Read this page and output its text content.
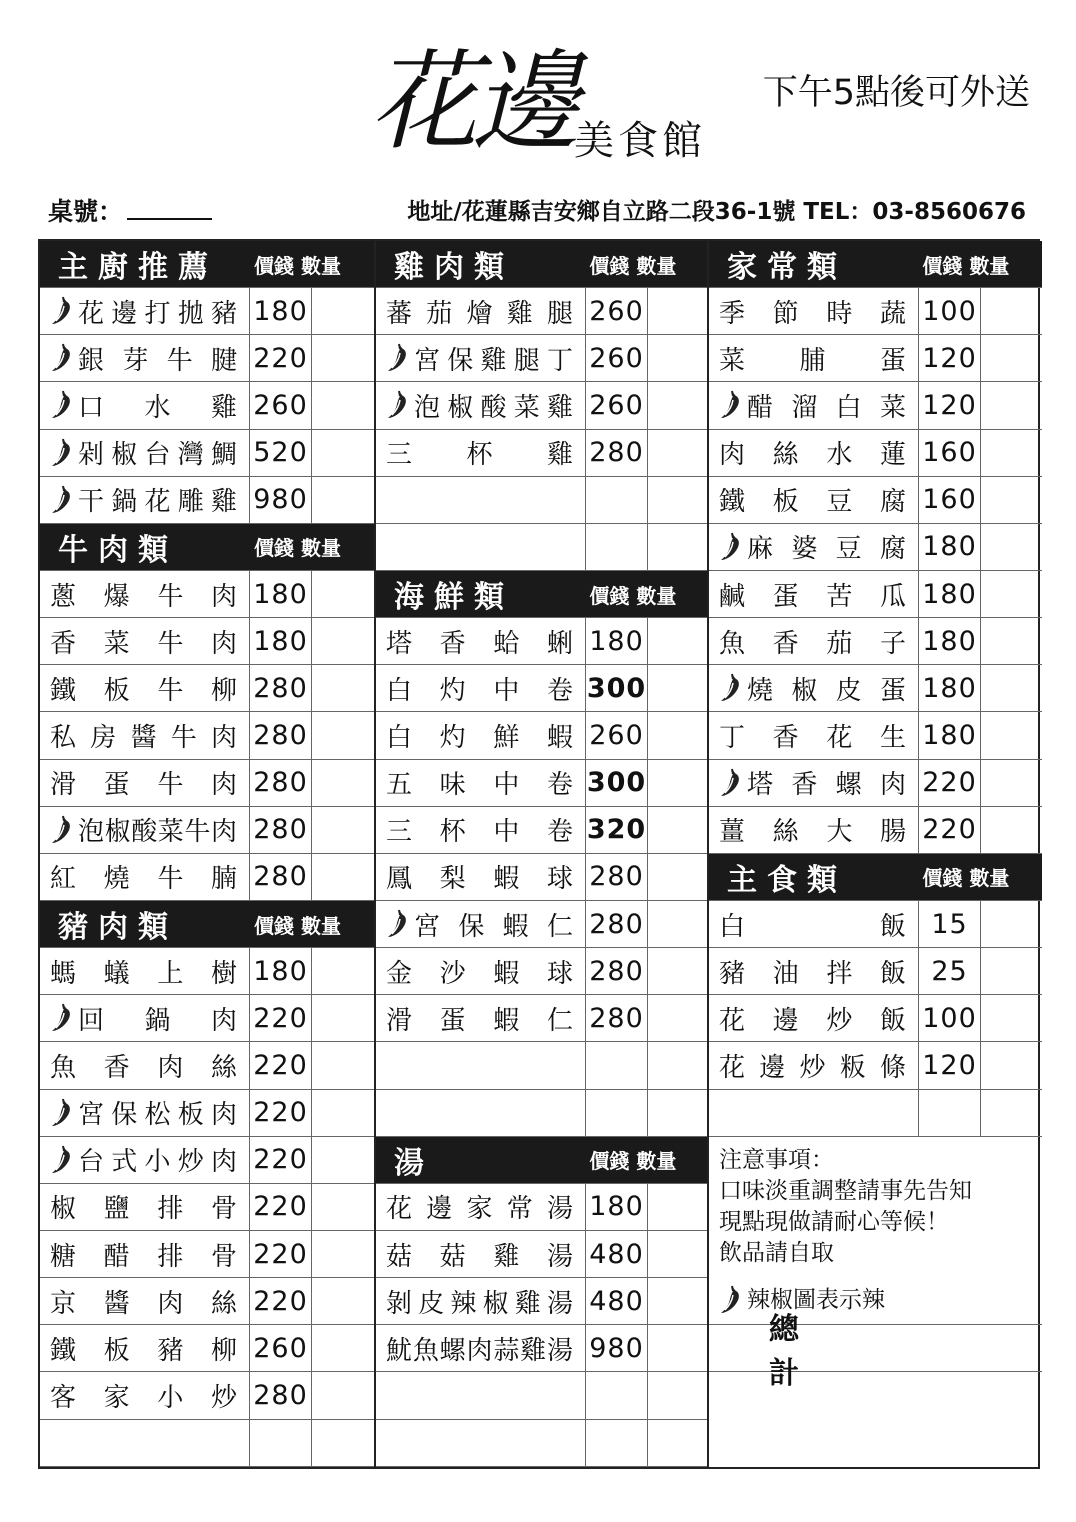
花邊 美食館
下午5點後可外送
桌號：	地址/花蓮縣吉安鄉自立路二段36-1號 TEL：03-8560676
主廚推薦	價錢 數量
花 邊 打 拋 豬 180
銀 芽 牛 腱 220
口 水 雞 260
剁 椒 台 灣 鯛 520
干 鍋 花 雕 雞 980
牛肉類	價錢 數量
蔥 爆 牛 肉 180
香 菜 牛 肉 180
鐵 板 牛 柳 280
私 房 醬 牛 肉 280
滑 蛋 牛 肉 280
泡 椒 酸 菜 牛 肉 280
紅 燒 牛 腩 280
豬肉類	價錢 數量
螞 蟻 上 樹 180
回 鍋 肉 220
魚 香 肉 絲 220
宮 保 松 板 肉 220
台 式 小 炒 肉 220
椒 鹽 排 骨 220
糖 醋 排 骨 220
京 醬 肉 絲 220
鐵 板 豬 柳 260
客 家 小 炒 280
雞肉類	價錢 數量
蕃 茄 燴 雞 腿 260
宮 保 雞 腿 丁 260
泡 椒 酸 菜 雞 260
三 杯 雞 280
海鮮類	價錢 數量
塔 香 蛤 蜊 180
白 灼 中 卷 300
白 灼 鮮 蝦 260
五 味 中 卷 300
三 杯 中 卷 320
鳳 梨 蝦 球 280
宮 保 蝦 仁 280
金 沙 蝦 球 280
滑 蛋 蝦 仁 280
湯	價錢 數量
花 邊 家 常 湯 180
菇 菇 雞 湯 480
剝 皮 辣 椒 雞 湯 480
魷 魚 螺 肉 蒜 雞 湯 980
家常類	價錢 數量
季 節 時 蔬 100
菜 脯 蛋 120
醋 溜 白 菜 120
肉 絲 水 蓮 160
鐵 板 豆 腐 160
麻 婆 豆 腐 180
鹹 蛋 苦 瓜 180
魚 香 茄 子 180
燒 椒 皮 蛋 180
丁 香 花 生 180
塔 香 螺 肉 220
薑 絲 大 腸 220
主食類	價錢 數量
白	飯 15
豬 油 拌 飯 25
花 邊 炒 飯 100
花 邊 炒 粄 條 120
注意事項：
口味淡重調整請事先告知
現點現做請耐心等候！
飲品請自取
辣椒圖表示辣
總 計
